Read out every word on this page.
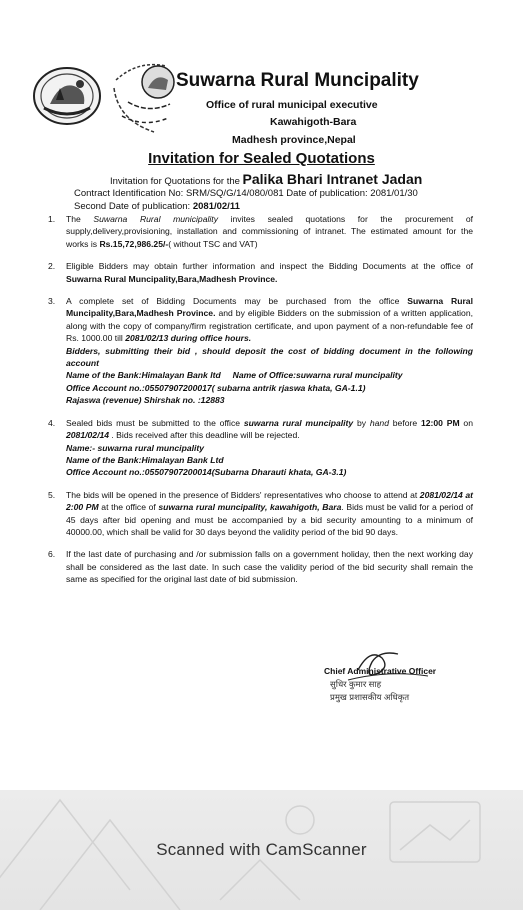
Suwarna Rural Muncipality
Office of rural municipal executive
Kawahigoth-Bara
Madhesh province,Nepal
Invitation for Sealed Quotations
Invitation for Quotations for the Palika Bhari Intranet Jadan
Contract Identification No: SRM/SQ/G/14/080/081 Date of publication: 2081/01/30
Second Date of publication: 2081/02/11
1. The Suwarna Rural municipality invites sealed quotations for the procurement of supply,delivery,provisioning, installation and commissioning of intranet. The estimated amount for the works is Rs.15,72,986.25/-( without TSC and VAT)

2. Eligible Bidders may obtain further information and inspect the Bidding Documents at the office of Suwarna Rural Muncipality,Bara,Madhesh Province.

3. A complete set of Bidding Documents may be purchased from the office Suwarna Rural Muncipality,Bara,Madhesh Province. and by eligible Bidders on the submission of a written application, along with the copy of company/firm registration certificate, and upon payment of a non-refundable fee of Rs. 1000.00 till 2081/02/13 during office hours.

Bidders, submitting their bid , should deposit the cost of bidding document in the following account

Name of the Bank:Himalayan Bank ltd     Name of Office:suwarna rural muncipality

Office Account no.:05507907200017( subarna antrik rjaswa khata, GA-1.1)

Rajaswa (revenue) Shirshak no. :12883

4. Sealed bids must be submitted to the office suwarna rural muncipality by hand before 12:00 PM on 2081/02/14 . Bids received after this deadline will be rejected.

Name:- suwarna rural muncipality

Name of the Bank:Himalayan Bank Ltd

Office Account no.:05507907200014(Subarna Dharauti khata, GA-3.1)

5. The bids will be opened in the presence of Bidders' representatives who choose to attend at 2081/02/14 at 2:00 PM at the office of suwarna rural muncipality, kawahigoth, Bara. Bids must be valid for a period of 45 days after bid opening and must be accompanied by a bid security amounting to a minimum of 40000.00, which shall be valid for 30 days beyond the validity period of the bid 90 days.

6. If the last date of purchasing and /or submission falls on a government holiday, then the next working day shall be considered as the last date. In such case the validity period of the bid security shall remain the same as specified for the original last date of bid submission.

Chief Administrative Officer
सुधिर कुमार साह
प्रमुख प्रशासकीय अधिकृत
Scanned with CamScanner
